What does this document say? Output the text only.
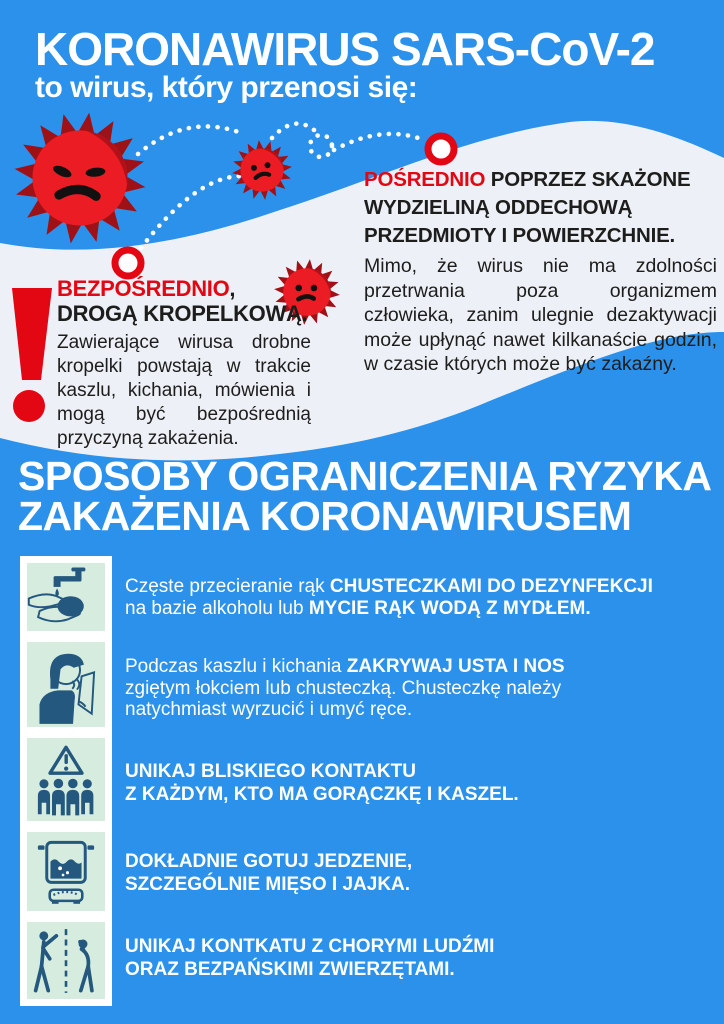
KORONAWIRUS SARS-CoV-2
to wirus, który przenosi się:
POŚREDNIO POPRZEZ SKAŻONE
WYDZIELINĄ ODDECHOWĄ
PRZEDMIOTY I POWIERZCHNIE.

Mimo, że wirus nie ma zdolności przetrwania poza organizmem człowieka, zanim ulegnie dezaktywacji może upłynąć nawet kilkanaście godzin, w czasie których może być zakaźny.

BEZPOŚREDNIO,
DROGĄ KROPELKOWĄ.

Zawierające wirusa drobne kropelki powstają w trakcie kaszlu, kichania, mówienia i mogą być bezpośrednią przyczyną zakażenia.

SPOSOBY OGRANICZENIA RYZYKA
ZAKAŻENIA KORONAWIRUSEM
Częste przecieranie rąk CHUSTECZKAMI DO DEZYNFEKCJI
na bazie alkoholu lub MYCIE RĄK WODĄ Z MYDŁEM.
Podczas kaszlu i kichania ZAKRYWAJ USTA I NOS
zgiętym łokciem lub chusteczką. Chusteczkę należy
natychmiast wyrzucić i umyć ręce.
UNIKAJ BLISKIEGO KONTAKTU
Z KAŻDYM, KTO MA GORĄCZKĘ I KASZEL.
DOKŁADNIE GOTUJ JEDZENIE,
SZCZEGÓLNIE MIĘSO I JAJKA.
UNIKAJ KONTKATU Z CHORYMI LUDŹMI
ORAZ BEZPAŃSKIMI ZWIERZĘTAMI.
